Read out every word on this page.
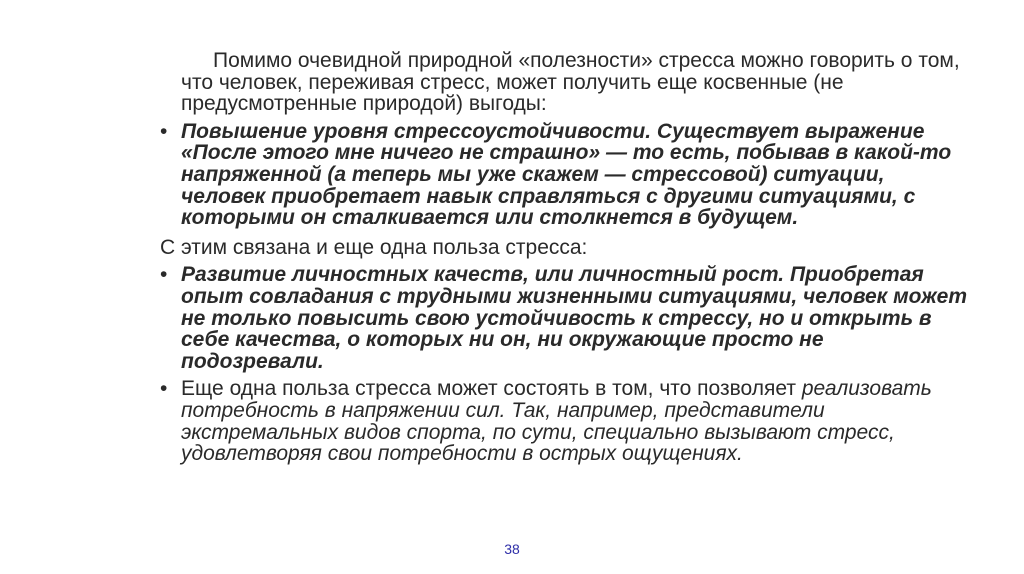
Помимо очевидной природной «полезности» стресса можно говорить о том, что человек, переживая стресс, может получить еще косвенные (не предусмотренные природой) выгоды:

• Повышение уровня стрессоустойчивости. Существует выражение «После этого мне ничего не страшно» — то есть, побывав в какой-то напряженной (а теперь мы уже скажем — стрессовой) ситуации, человек приобретает навык справляться с другими ситуациями, с которыми он сталкивается или столкнется в будущем.

С этим связана и еще одна польза стресса:

• Развитие личностных качеств, или личностный рост. Приобретая опыт совладания с трудными жизненными ситуациями, человек может не только повысить свою устойчивость к стрессу, но и открыть в себе качества, о которых ни он, ни окружающие просто не подозревали.
• Еще одна польза стресса может состоять в том, что позволяет реализовать потребность в напряжении сил. Так, например, представители экстремальных видов спорта, по сути, специально вызывают стресс, удовлетворяя свои потребности в острых ощущениях.
38
